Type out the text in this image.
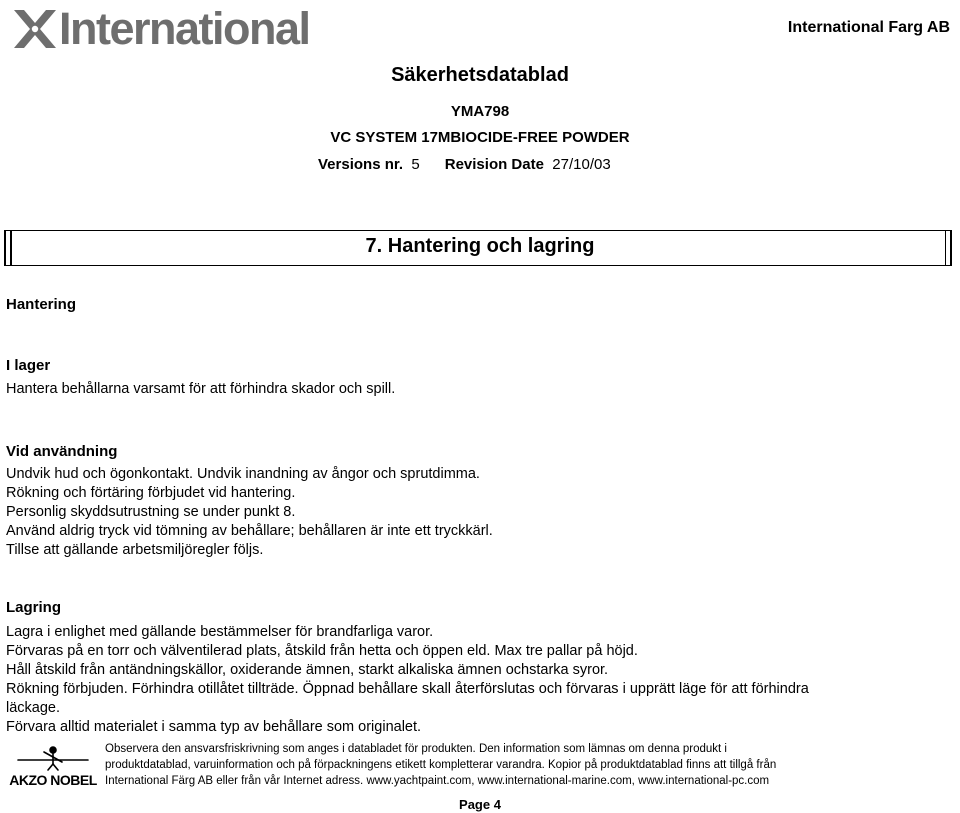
International	International Farg AB
Säkerhetsdatablad
YMA798
VC SYSTEM 17MBIOCIDE-FREE POWDER
Versions nr. 5 Revision Date 27/10/03
7. Hantering och lagring
Hantering
I lager
Hantera behållarna varsamt för att förhindra skador och spill.
Vid användning
Undvik hud och ögonkontakt. Undvik inandning av ångor och sprutdimma.
Rökning och förtäring förbjudet vid hantering.
Personlig skyddsutrustning se under punkt 8.
Använd aldrig tryck vid tömning av behållare; behållaren är inte ett tryckkärl.
Tillse att gällande arbetsmiljöregler följs.
Lagring
Lagra i enlighet med gällande bestämmelser för brandfarliga varor.
Förvaras på en torr och välventilerad plats, åtskild från hetta och öppen eld. Max tre pallar på höjd.
Håll åtskild från antändningskällor, oxiderande ämnen, starkt alkaliska ämnen ochstarka syror.
Rökning förbjuden. Förhindra otillåtet tillträde. Öppnad behållare skall återförslutas och förvaras i upprätt läge för att förhindra
läckage.
Förvara alltid materialet i samma typ av behållare som originalet.
AKZO NOBEL
Observera den ansvarsfriskrivning som anges i databladet för produkten. Den information som lämnas om denna produkt i
produktdatablad, varuinformation och på förpackningens etikett kompletterar varandra. Kopior på produktdatablad finns att tillgå från
International Färg AB eller från vår Internet adress. www.yachtpaint.com, www.international-marine.com, www.international-pc.com
Page 4
